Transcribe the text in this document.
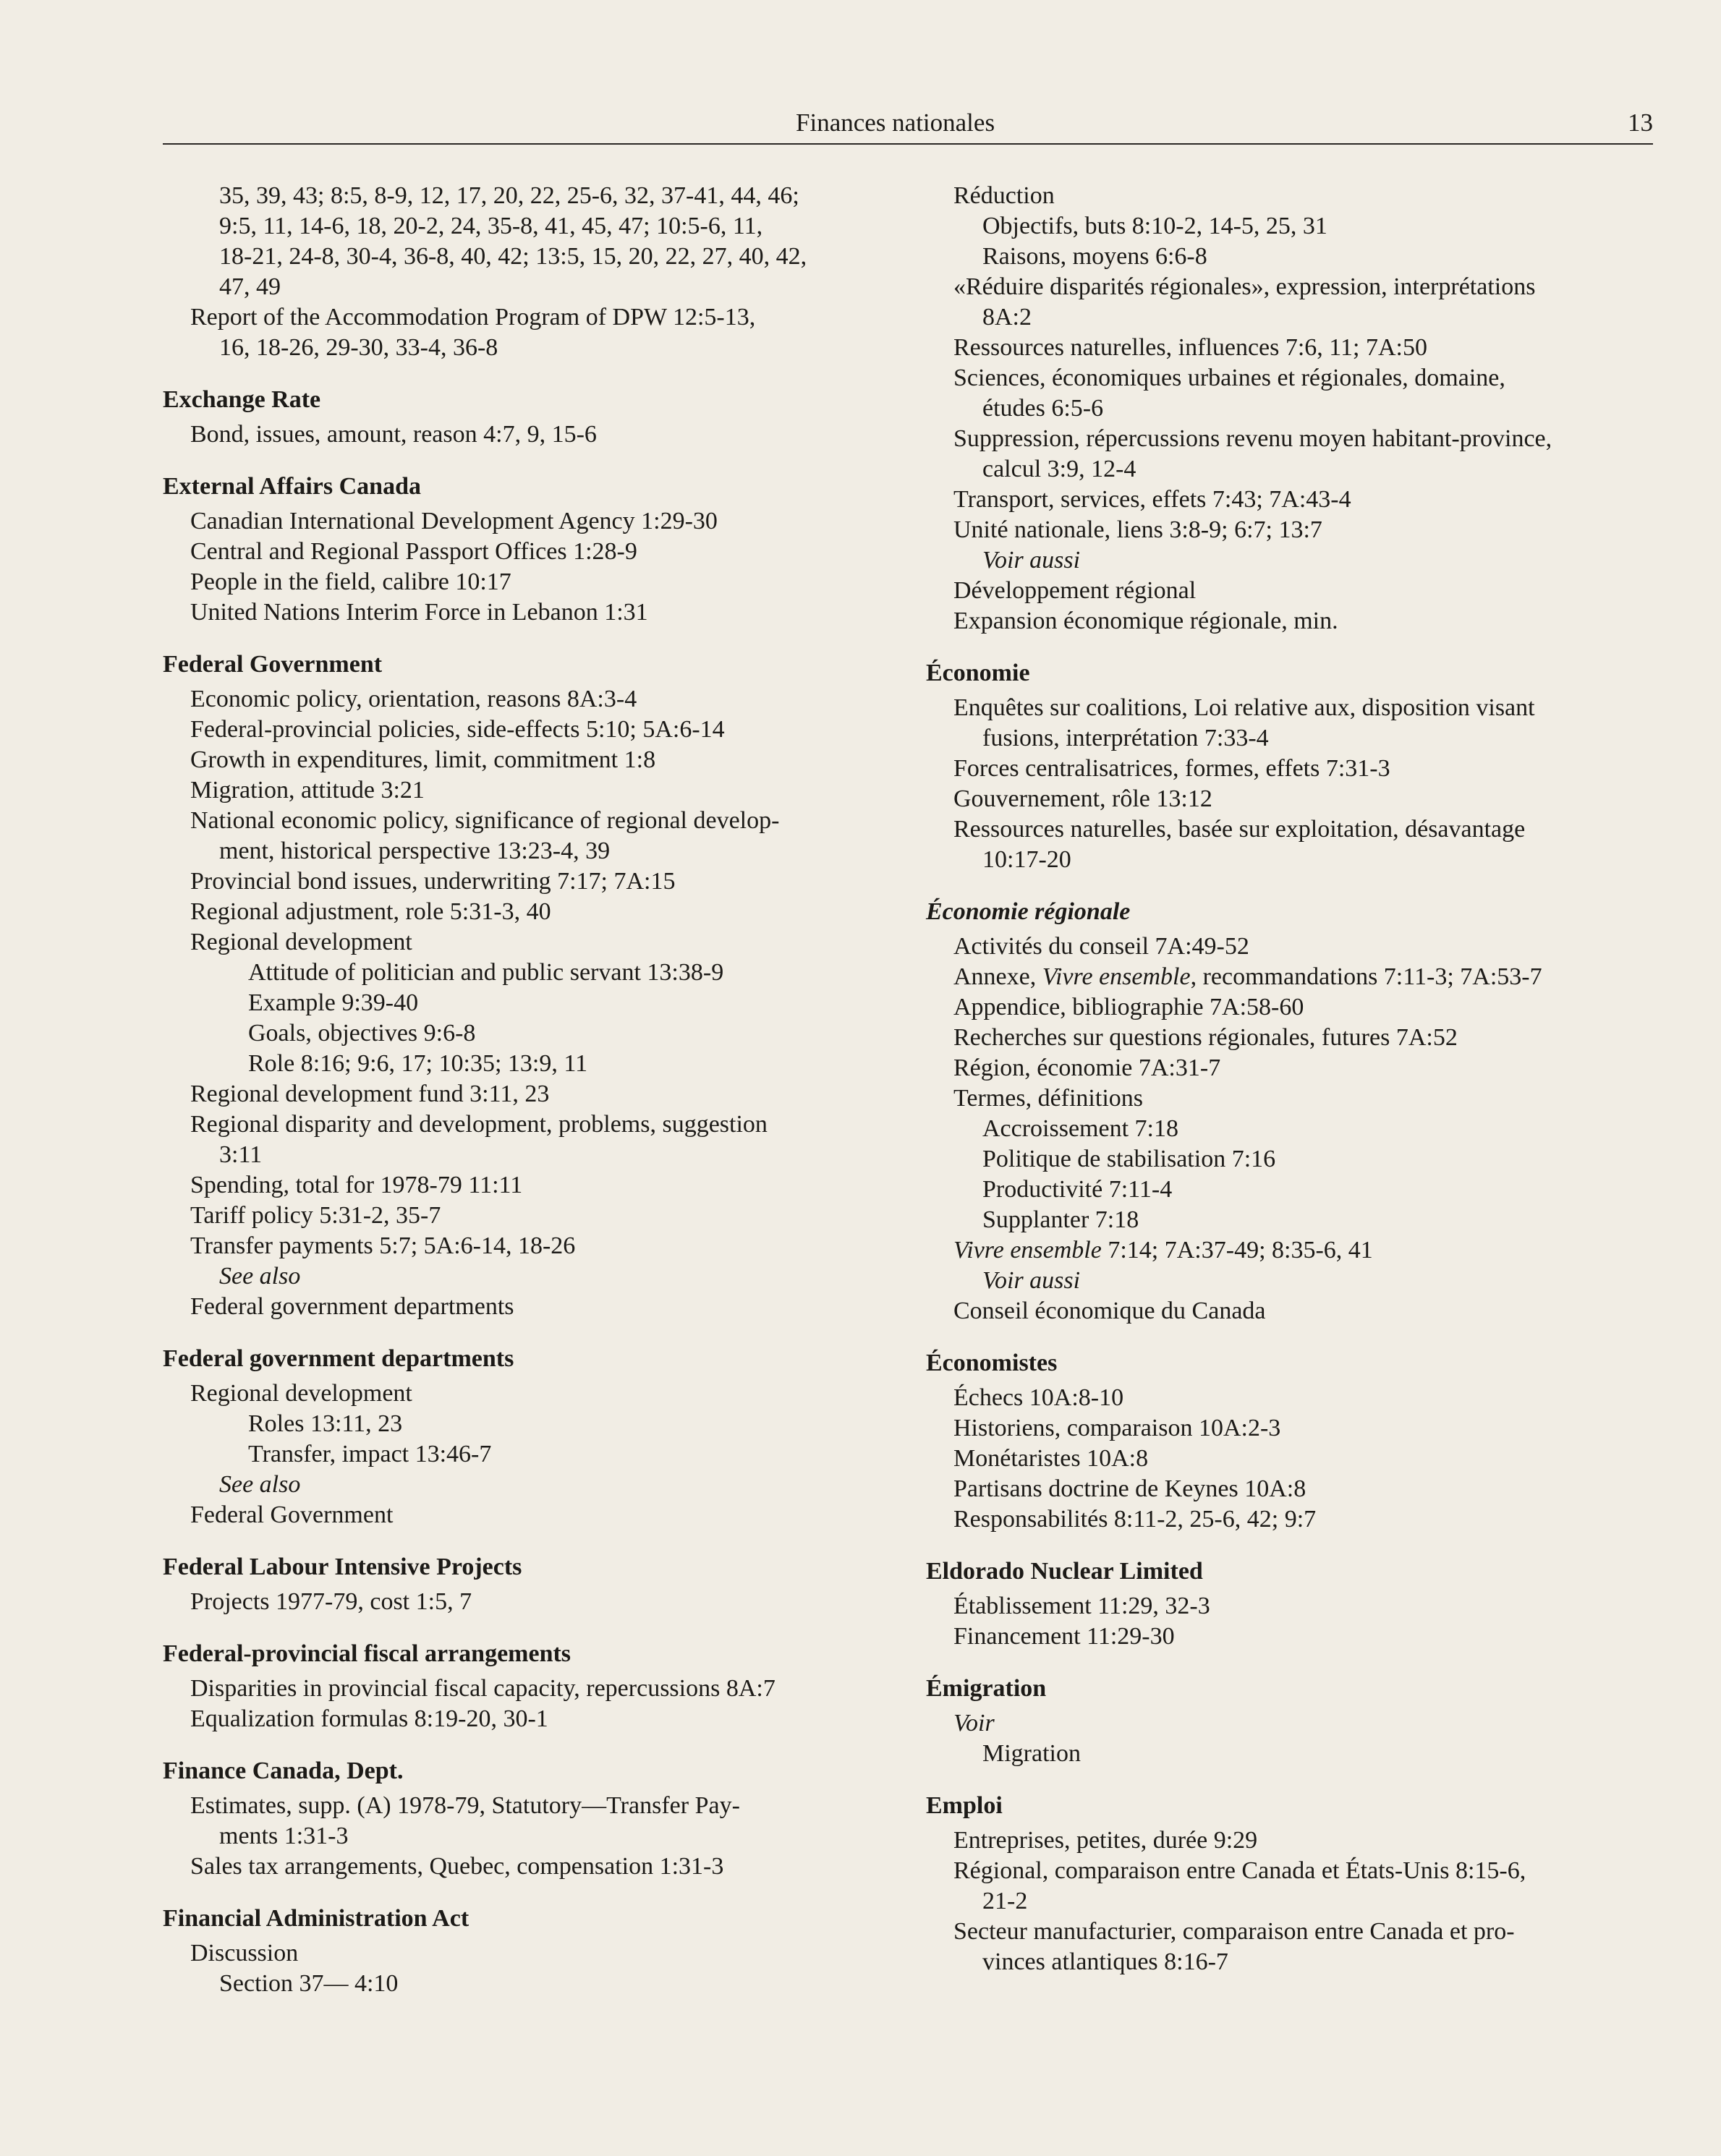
Finances nationales	13
35, 39, 43; 8:5, 8-9, 12, 17, 20, 22, 25-6, 32, 37-41, 44, 46;
9:5, 11, 14-6, 18, 20-2, 24, 35-8, 41, 45, 47; 10:5-6, 11,
18-21, 24-8, 30-4, 36-8, 40, 42; 13:5, 15, 20, 22, 27, 40, 42,
47, 49
Report of the Accommodation Program of DPW 12:5-13,
16, 18-26, 29-30, 33-4, 36-8
Exchange Rate
Bond, issues, amount, reason 4:7, 9, 15-6
External Affairs Canada
Canadian International Development Agency 1:29-30
Central and Regional Passport Offices 1:28-9
People in the field, calibre 10:17
United Nations Interim Force in Lebanon 1:31
Federal Government
Economic policy, orientation, reasons 8A:3-4
Federal-provincial policies, side-effects 5:10; 5A:6-14
Growth in expenditures, limit, commitment 1:8
Migration, attitude 3:21
National economic policy, significance of regional develop-
ment, historical perspective 13:23-4, 39
Provincial bond issues, underwriting 7:17; 7A:15
Regional adjustment, role 5:31-3, 40
Regional development
Attitude of politician and public servant 13:38-9
Example 9:39-40
Goals, objectives 9:6-8
Role 8:16; 9:6, 17; 10:35; 13:9, 11
Regional development fund 3:11, 23
Regional disparity and development, problems, suggestion
3:11
Spending, total for 1978-79 11:11
Tariff policy 5:31-2, 35-7
Transfer payments 5:7; 5A:6-14, 18-26
See also
Federal government departments
Federal government departments
Regional development
Roles 13:11, 23
Transfer, impact 13:46-7
See also
Federal Government
Federal Labour Intensive Projects
Projects 1977-79, cost 1:5, 7
Federal-provincial fiscal arrangements
Disparities in provincial fiscal capacity, repercussions 8A:7
Equalization formulas 8:19-20, 30-1
Finance Canada, Dept.
Estimates, supp. (A) 1978-79, Statutory—Transfer Pay-
ments 1:31-3
Sales tax arrangements, Quebec, compensation 1:31-3
Financial Administration Act
Discussion
Section 37— 4:10
Réduction
Objectifs, buts 8:10-2, 14-5, 25, 31
Raisons, moyens 6:6-8
«Réduire disparités régionales», expression, interprétations
8A:2
Ressources naturelles, influences 7:6, 11; 7A:50
Sciences, économiques urbaines et régionales, domaine,
études 6:5-6
Suppression, répercussions revenu moyen habitant-province,
calcul 3:9, 12-4
Transport, services, effets 7:43; 7A:43-4
Unité nationale, liens 3:8-9; 6:7; 13:7
Voir aussi
Développement régional
Expansion économique régionale, min.
Économie
Enquêtes sur coalitions, Loi relative aux, disposition visant
fusions, interprétation 7:33-4
Forces centralisatrices, formes, effets 7:31-3
Gouvernement, rôle 13:12
Ressources naturelles, basée sur exploitation, désavantage
10:17-20
Économie régionale
Activités du conseil 7A:49-52
Annexe, Vivre ensemble, recommandations 7:11-3; 7A:53-7
Appendice, bibliographie 7A:58-60
Recherches sur questions régionales, futures 7A:52
Région, économie 7A:31-7
Termes, définitions
Accroissement 7:18
Politique de stabilisation 7:16
Productivité 7:11-4
Supplanter 7:18
Vivre ensemble 7:14; 7A:37-49; 8:35-6, 41
Voir aussi
Conseil économique du Canada
Économistes
Échecs 10A:8-10
Historiens, comparaison 10A:2-3
Monétaristes 10A:8
Partisans doctrine de Keynes 10A:8
Responsabilités 8:11-2, 25-6, 42; 9:7
Eldorado Nuclear Limited
Établissement 11:29, 32-3
Financement 11:29-30
Émigration
Voir
Migration
Emploi
Entreprises, petites, durée 9:29
Régional, comparaison entre Canada et États-Unis 8:15-6,
21-2
Secteur manufacturier, comparaison entre Canada et pro-
vinces atlantiques 8:16-7
